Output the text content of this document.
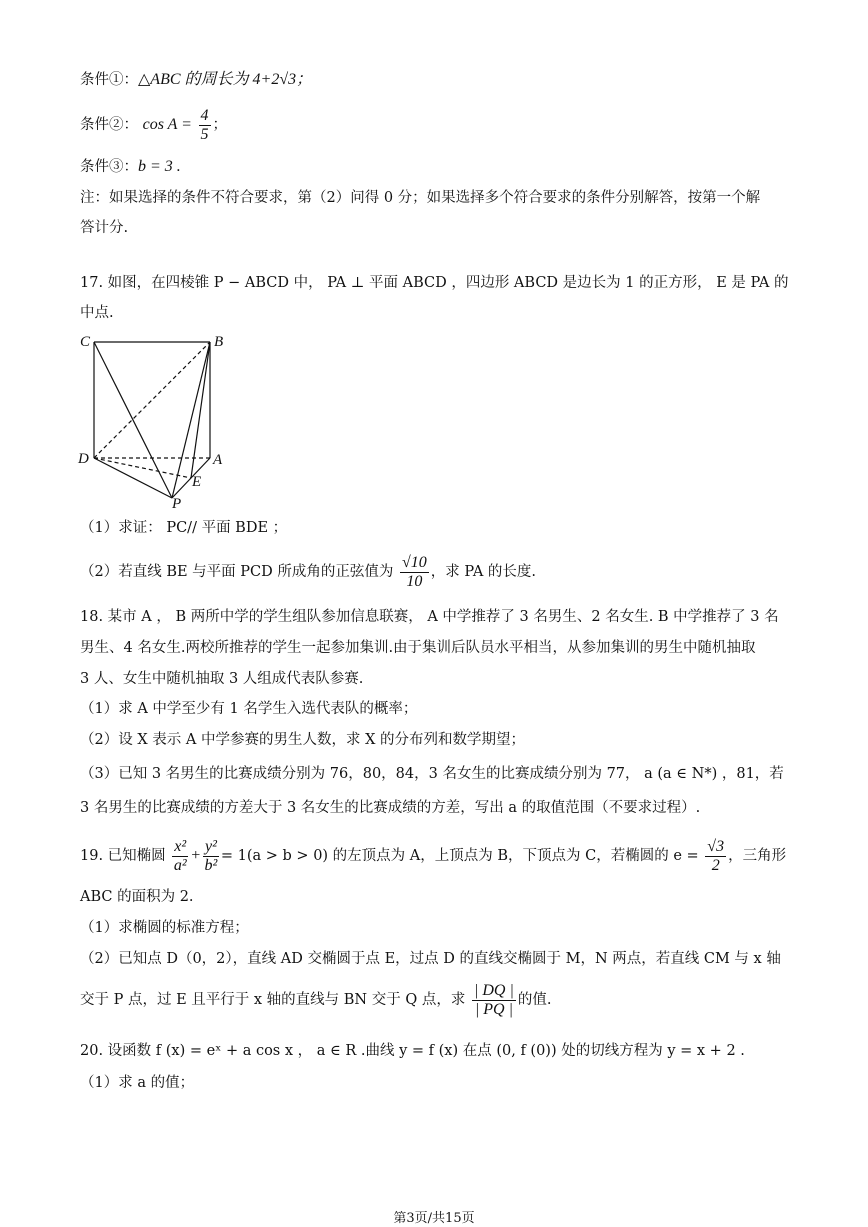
条件①：△ABC 的周长为 4+2√3；
条件②： $\cos A = \frac{4}{5}$ ；
条件③：b = 3 .
注：如果选择的条件不符合要求，第（2）问得 0 分；如果选择多个符合要求的条件分别解答，按第一个解
答计分.
17. 如图，在四棱锥 P − ABCD 中， PA ⊥ 平面 ABCD ，四边形 ABCD 是边长为 1 的正方形， E 是 PA 的
中点.
C	B
D	A
E
P
（1）求证： PC// 平面 BDE ；
（2）若直线 BE 与平面 PCD 所成角的正弦值为 $\frac{√10}{10}$ ，求 PA 的长度.
18. 某市 A ， B 两所中学的学生组队参加信息联赛， A 中学推荐了 3 名男生、2 名女生. B 中学推荐了 3 名
男生、4 名女生.两校所推荐的学生一起参加集训.由于集训后队员水平相当，从参加集训的男生中随机抽取
3 人、女生中随机抽取 3 人组成代表队参赛.
（1）求 A 中学至少有 1 名学生入选代表队的概率；
（2）设 X 表示 A 中学参赛的男生人数，求 X 的分布列和数学期望；
（3）已知 3 名男生的比赛成绩分别为 76，80，84，3 名女生的比赛成绩分别为 77， a (a ∈ N*) ，81，若
3 名男生的比赛成绩的方差大于 3 名女生的比赛成绩的方差，写出 a 的取值范围（不要求过程）.
19. 已知椭圆 $\frac{\text{x²}}{\text{a²}} + \frac{\text{y²}}{\text{b²}} = 1(a > b > 0)$ 的左顶点为 A，上顶点为 B，下顶点为 C，若椭圆的 $e = \frac{√3}{2}$ ，三角形
ABC 的面积为 2.
（1）求椭圆的标准方程；
（2）已知点 D（0，2），直线 AD 交椭圆于点 E，过点 D 的直线交椭圆于 M，N 两点，若直线 CM 与 x 轴
交于 P 点，过 E 且平行于 x 轴的直线与 BN 交于 Q 点，求 $\frac{| DQ |}{| PQ |}$ 的值.
20. 设函数 f (x) = eˣ + a cos x ， a ∈ R .曲线 y = f (x) 在点 (0, f (0)) 处的切线方程为 y = x + 2 .
（1）求 a 的值；
第3页/共15页
